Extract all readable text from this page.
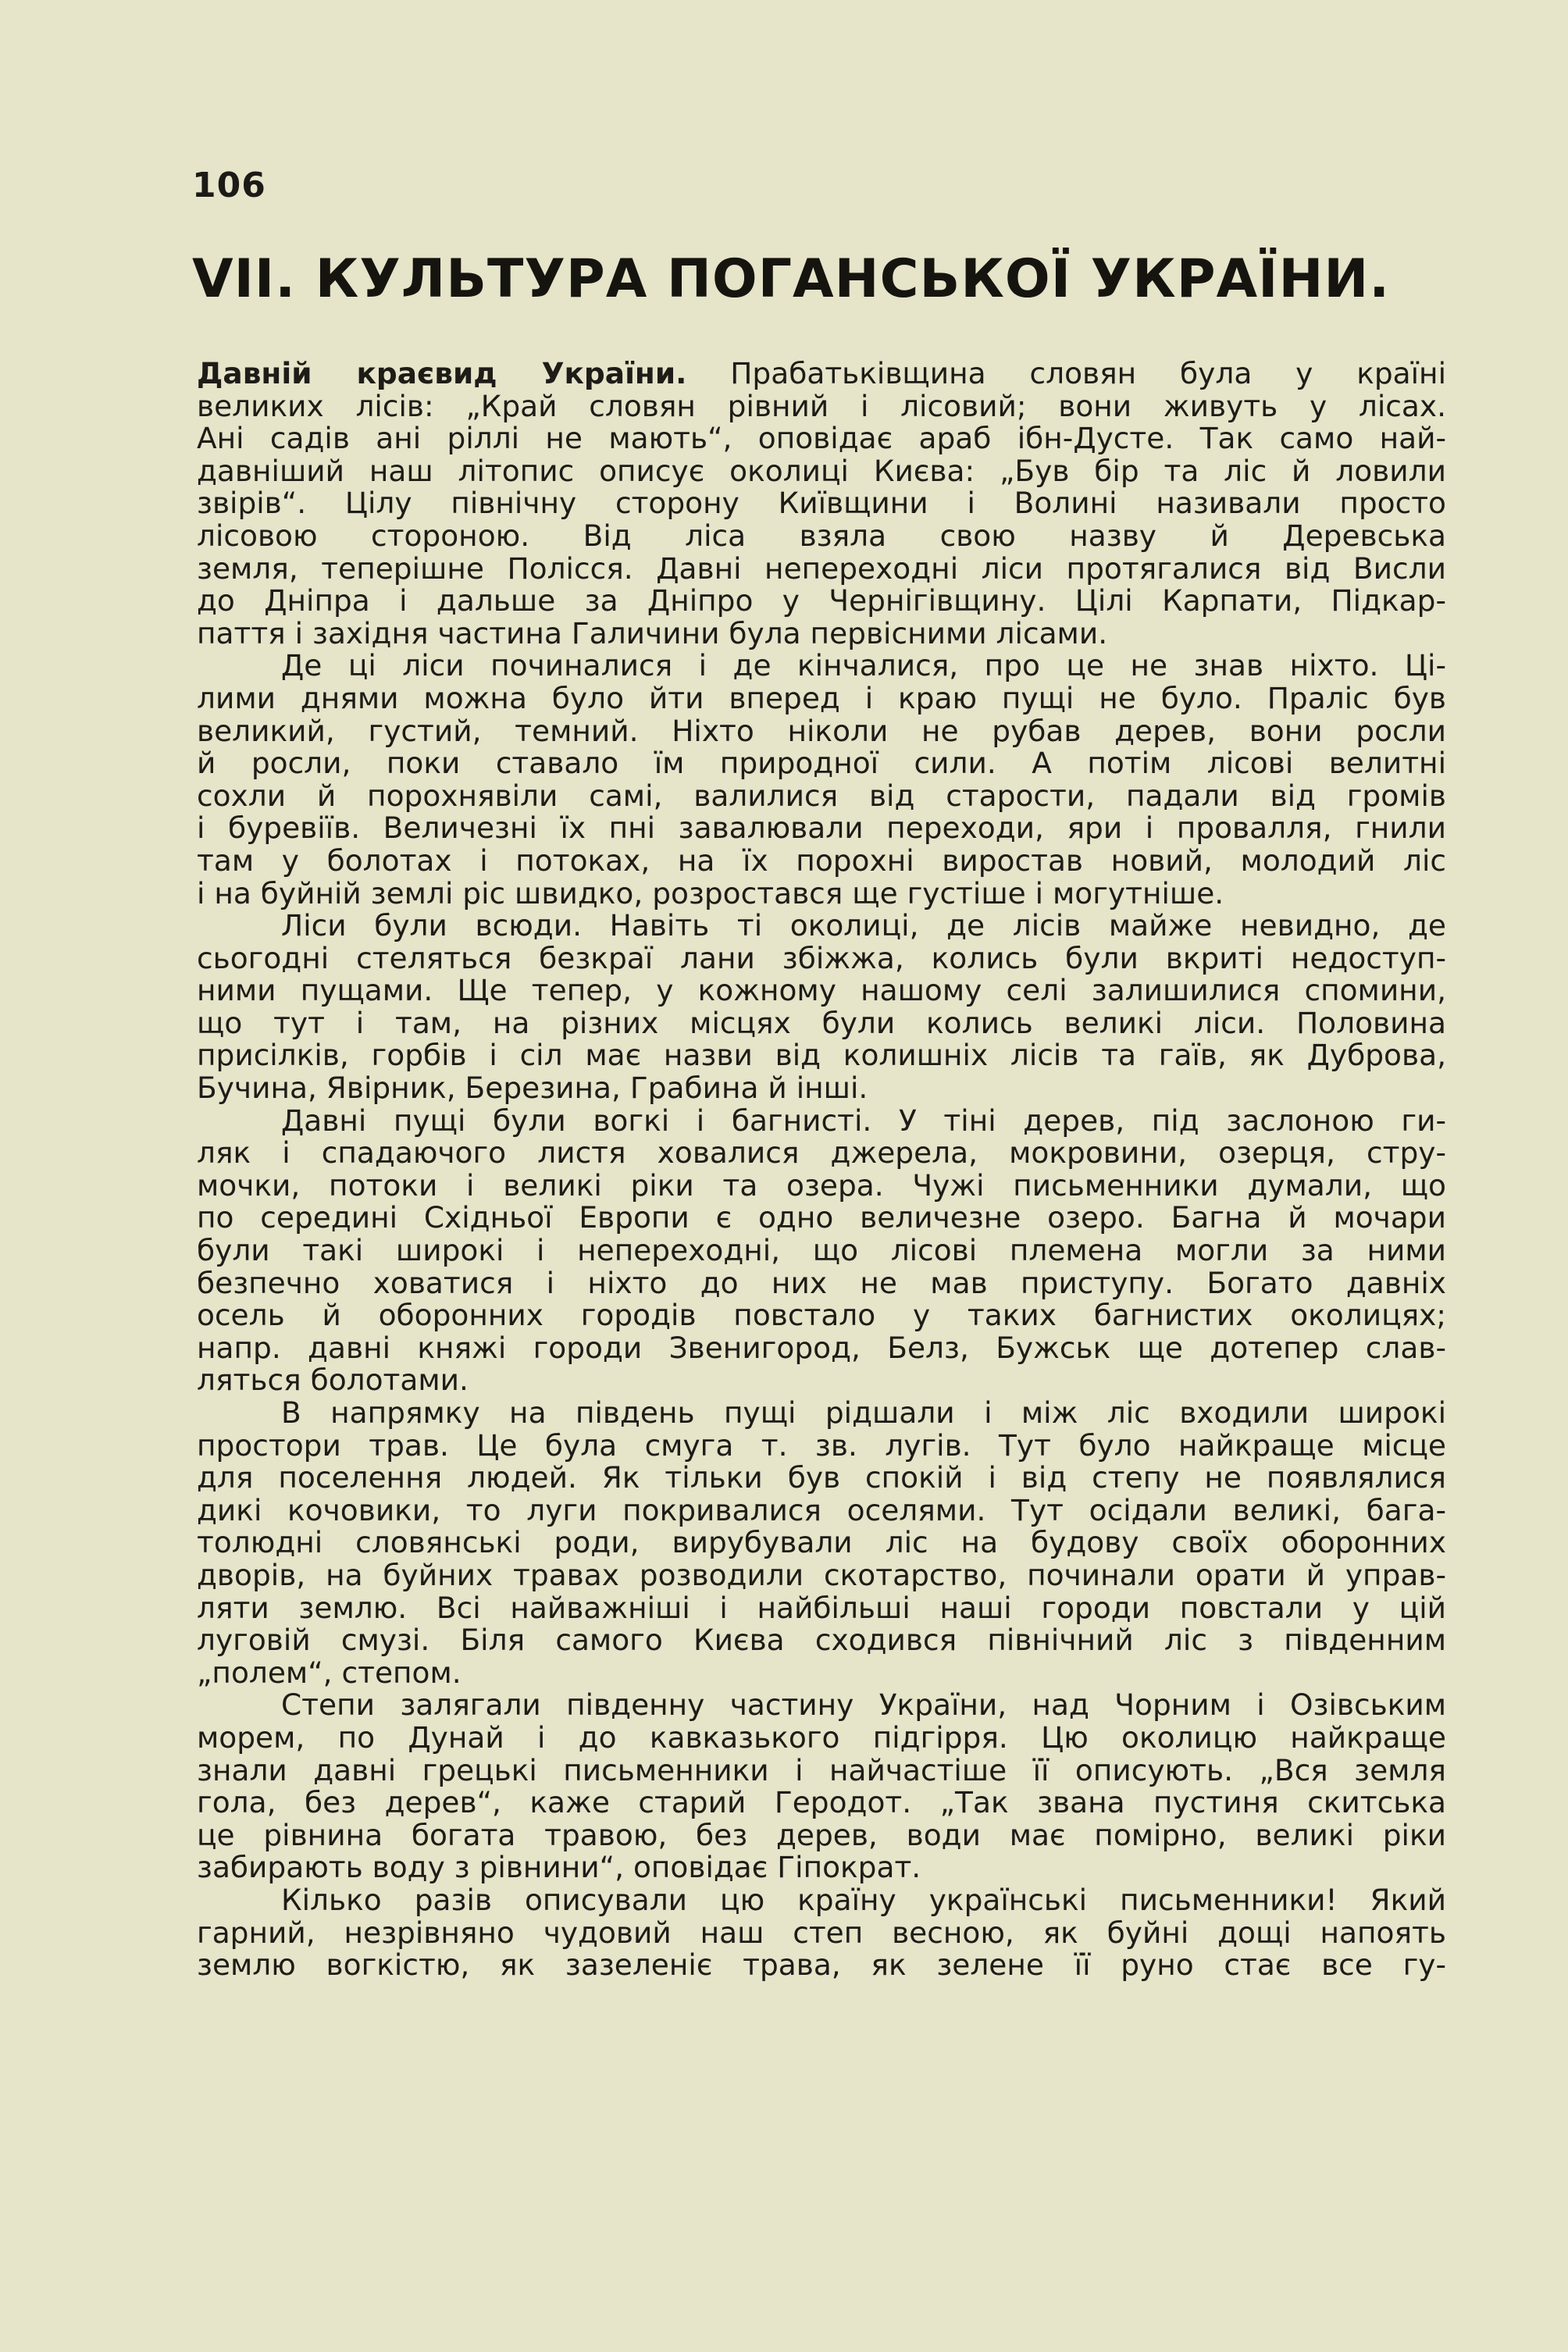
106
VII. КУЛЬТУРА ПОГАНСЬКОЇ УКРАЇНИ.
Давній краєвид України. Прабатьківщина словян була у країні
великих лісів: „Край словян рівний і лісовий; вони живуть у лісах.
Ані садів ані ріллі не мають“, оповідає араб ібн-Дусте. Так само най-
давніший наш літопис описує околиці Києва: „Був бір та ліс й ловили
звірів“. Цілу північну сторону Київщини і Волині називали просто
лісовою стороною. Від ліса взяла свою назву й Деревська
земля, теперішне Полісся. Давні непереходні ліси протягалися від Висли
до Дніпра і дальше за Дніпро у Чернігівщину. Цілі Карпати, Підкар-
паття і західня частина Галичини була первісними лісами.
Де ці ліси починалися і де кінчалися, про це не знав ніхто. Ці-
лими днями можна було йти вперед і краю пущі не було. Праліс був
великий, густий, темний. Ніхто ніколи не рубав дерев, вони росли
й росли, поки ставало їм природної сили. А потім лісові велитні
сохли й порохнявіли самі, валилися від старости, падали від громів
і буревіїв. Величезні їх пні завалювали переходи, яри і провалля, гнили
там у болотах і потоках, на їх порохні виростав новий, молодий ліс
і на буйній землі ріс швидко, розростався ще густіше і могутніше.
Ліси були всюди. Навіть ті околиці, де лісів майже невидно, де
сьогодні стеляться безкраї лани збіжжа, колись були вкриті недоступ-
ними пущами. Ще тепер, у кожному нашому селі залишилися спомини,
що тут і там, на різних місцях були колись великі ліси. Половина
присілків, горбів і сіл має назви від колишніх лісів та гаїв, як Дуброва,
Бучина, Явірник, Березина, Грабина й інші.
Давні пущі були вогкі і багнисті. У тіні дерев, під заслоною ги-
ляк і спадаючого листя ховалися джерела, мокровини, озерця, стру-
мочки, потоки і великі ріки та озера. Чужі письменники думали, що
по середині Східньої Европи є одно величезне озеро. Багна й мочари
були такі широкі і непереходні, що лісові племена могли за ними
безпечно ховатися і ніхто до них не мав приступу. Богато давніх
осель й оборонних городів повстало у таких багнистих околицях;
напр. давні княжі городи Звенигород, Белз, Бужськ ще дотепер слав-
ляться болотами.
В напрямку на південь пущі рідшали і між ліс входили широкі
простори трав. Це була смуга т. зв. лугів. Тут було найкраще місце
для поселення людей. Як тільки був спокій і від степу не появлялися
дикі кочовики, то луги покривалися оселями. Тут осідали великі, бага-
толюдні словянські роди, вирубували ліс на будову своїх оборонних
дворів, на буйних травах розводили скотарство, починали орати й управ-
ляти землю. Всі найважніші і найбільші наші городи повстали у цій
луговій смузі. Біля самого Києва сходився північний ліс з південним
„полем“, степом.
Степи залягали південну частину України, над Чорним і Озівським
морем, по Дунай і до кавказького підгірря. Цю околицю найкраще
знали давні грецькі письменники і найчастіше її описують. „Вся земля
гола, без дерев“, каже старий Геродот. „Так звана пустиня скитська
це рівнина богата травою, без дерев, води має помірно, великі ріки
забирають воду з рівнини“, оповідає Гіпократ.
Кілько разів описували цю країну українські письменники! Який
гарний, незрівняно чудовий наш степ весною, як буйні дощі напоять
землю вогкістю, як зазеленіє трава, як зелене її руно стає все гу-
